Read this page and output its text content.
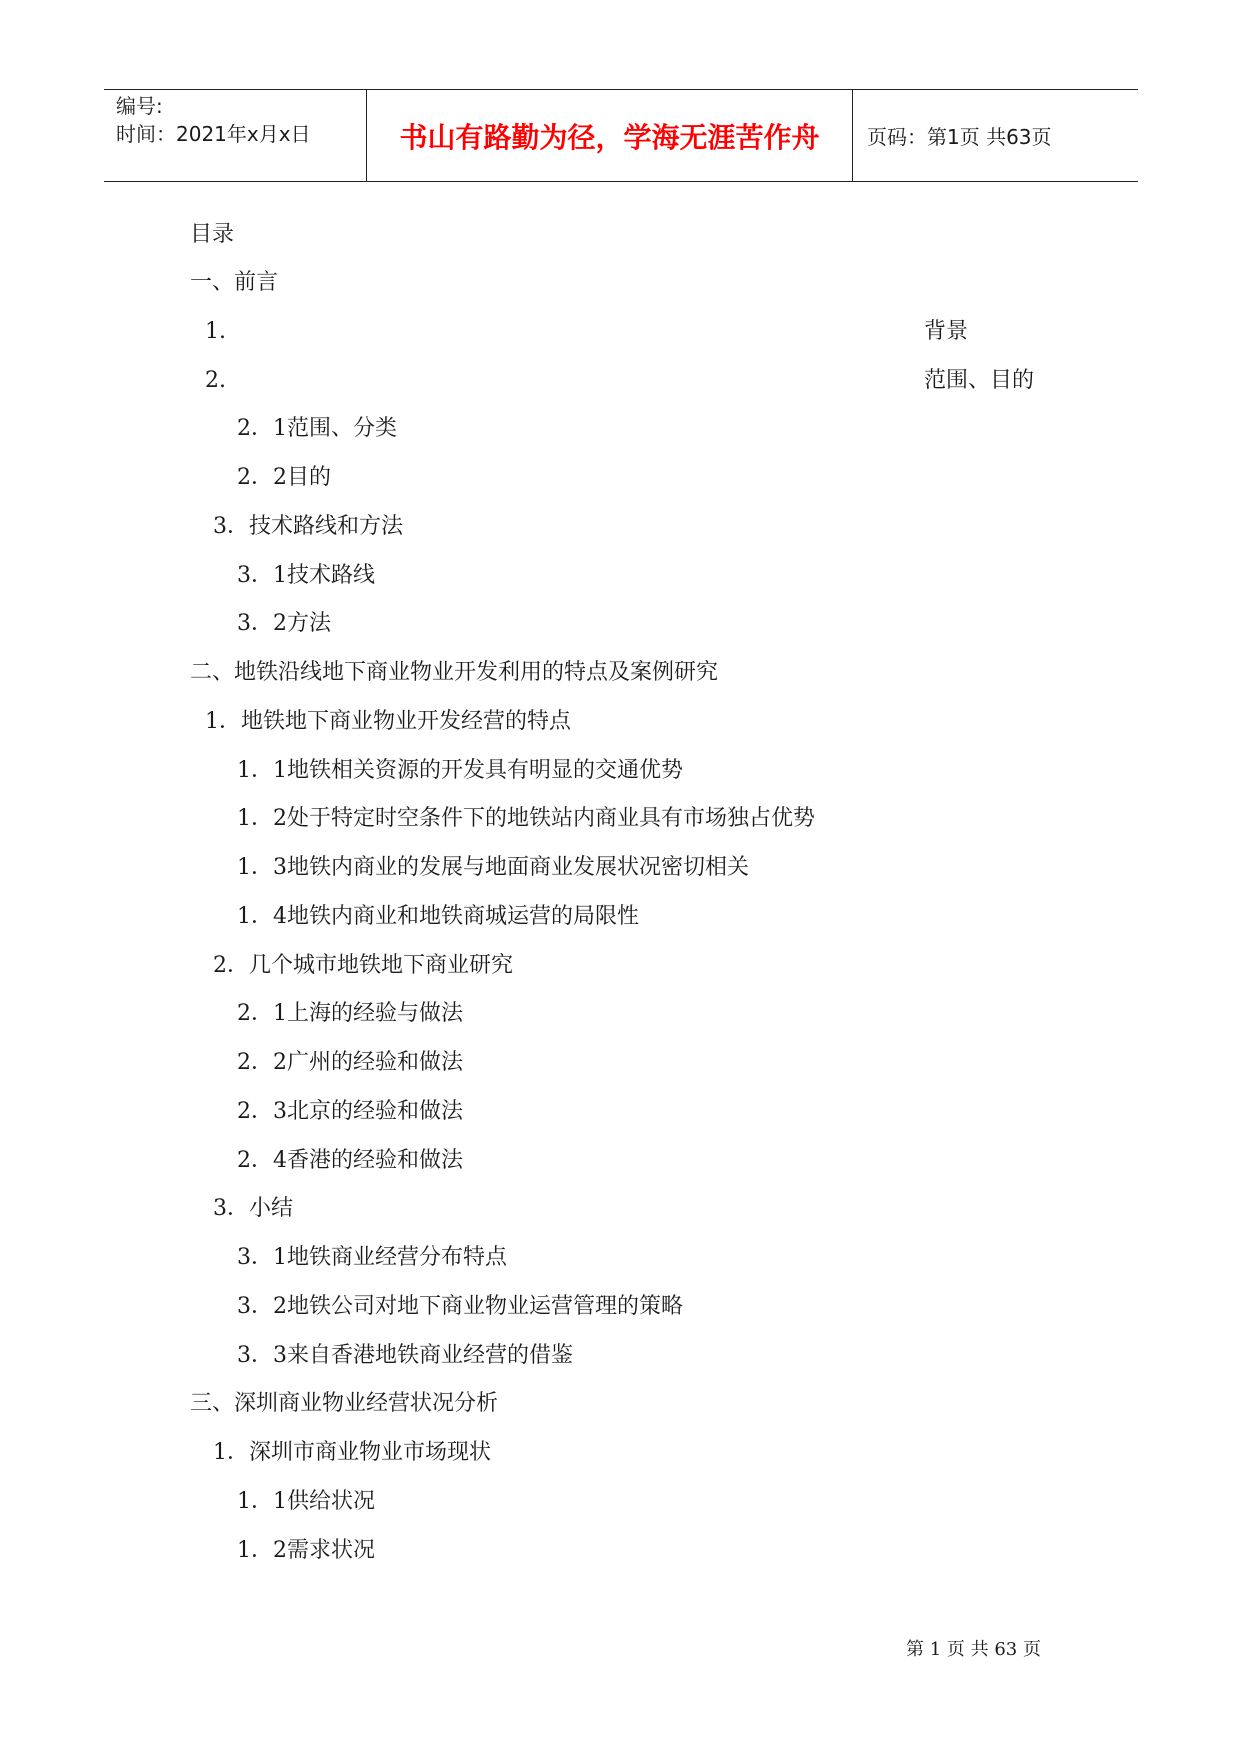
编号:
时间：2021年x月x日	书山有路勤为径，学海无涯苦作舟 页码：第1页 共63页
目录
一、前言
1.	背景
2.	范围、目的
2．1范围、分类
2．2目的
3．技术路线和方法
3．1技术路线
3．2方法
二、地铁沿线地下商业物业开发利用的特点及案例研究
1．地铁地下商业物业开发经营的特点
1．1地铁相关资源的开发具有明显的交通优势
1．2处于特定时空条件下的地铁站内商业具有市场独占优势
1．3地铁内商业的发展与地面商业发展状况密切相关
1．4地铁内商业和地铁商城运营的局限性
2．几个城市地铁地下商业研究
2．1上海的经验与做法
2．2广州的经验和做法
2．3北京的经验和做法
2．4香港的经验和做法
3．小结
3．1地铁商业经营分布特点
3．2地铁公司对地下商业物业运营管理的策略
3．3来自香港地铁商业经营的借鉴
三、深圳商业物业经营状况分析
1．深圳市商业物业市场现状
1．1供给状况
1．2需求状况
第 1 页 共 63 页
